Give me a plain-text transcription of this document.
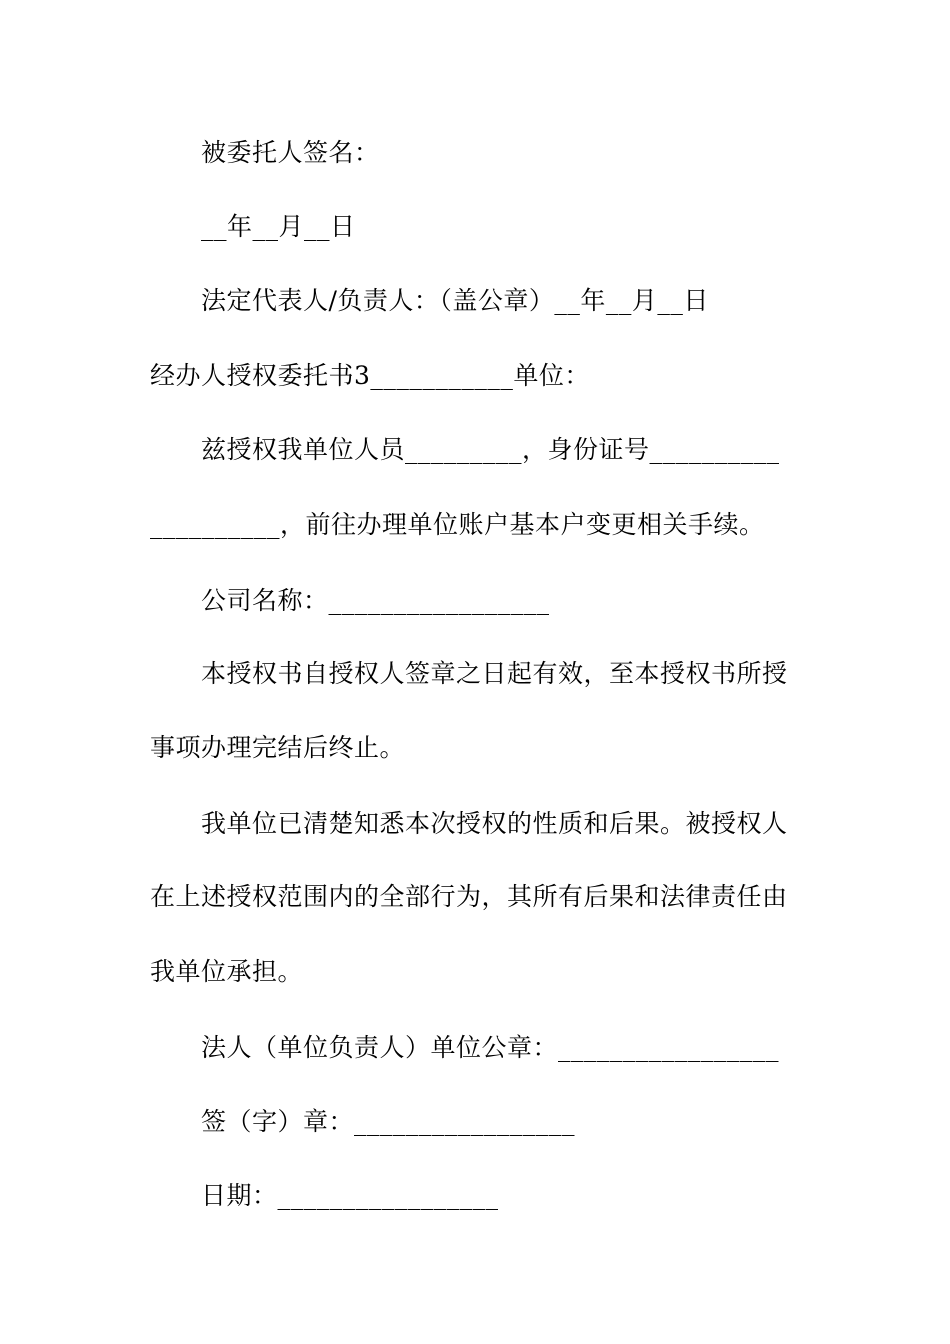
被委托人签名：
__年__月__日
法定代表人/负责人：（盖公章）__年__月__日
经办人授权委托书3___________单位：
兹授权我单位人员_________，身份证号__________
__________，前往办理单位账户基本户变更相关手续。
公司名称：_________________
本授权书自授权人签章之日起有效，至本授权书所授
事项办理完结后终止。
我单位已清楚知悉本次授权的性质和后果。被授权人
在上述授权范围内的全部行为，其所有后果和法律责任由
我单位承担。
法人（单位负责人）单位公章：_________________
签（字）章：_________________
日期：_________________
